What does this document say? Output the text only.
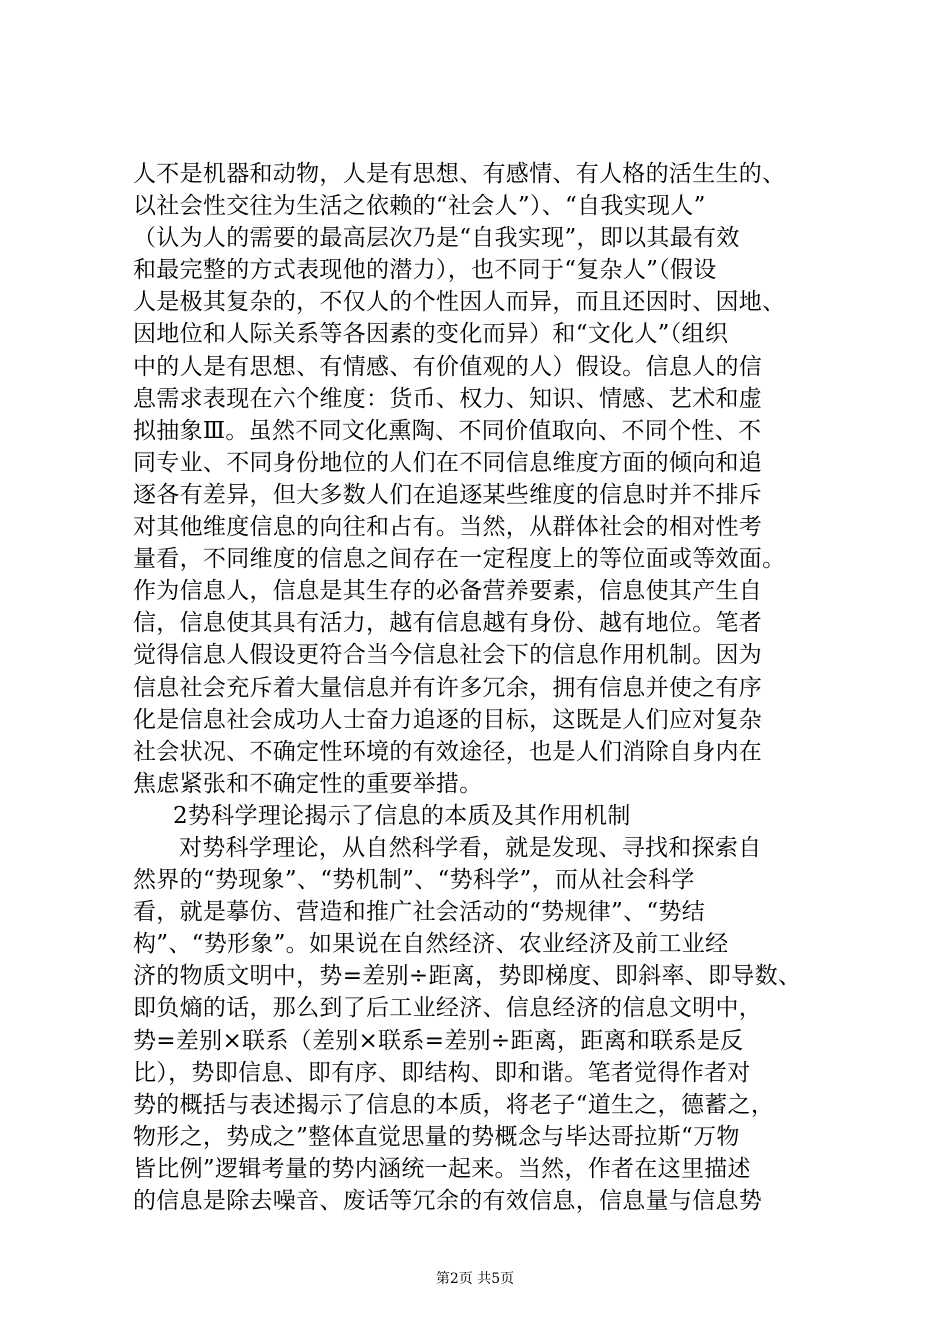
人不是机器和动物，人是有思想、有感情、有人格的活生生的、
以社会性交往为生活之依赖的“社会人”）、“自我实现人”
（认为人的需要的最高层次乃是“自我实现”，即以其最有效
和最完整的方式表现他的潜力），也不同于“复杂人”（假设
人是极其复杂的，不仅人的个性因人而异，而且还因时、因地、
因地位和人际关系等各因素的变化而异）和“文化人”（组织
中的人是有思想、有情感、有价值观的人）假设。信息人的信
息需求表现在六个维度：货币、权力、知识、情感、艺术和虚
拟抽象Ⅲ。虽然不同文化熏陶、不同价值取向、不同个性、不
同专业、不同身份地位的人们在不同信息维度方面的倾向和追
逐各有差异，但大多数人们在追逐某些维度的信息时并不排斥
对其他维度信息的向往和占有。当然，从群体社会的相对性考
量看，不同维度的信息之间存在一定程度上的等位面或等效面。
作为信息人，信息是其生存的必备营养要素，信息使其产生自
信，信息使其具有活力，越有信息越有身份、越有地位。笔者
觉得信息人假设更符合当今信息社会下的信息作用机制。因为
信息社会充斥着大量信息并有许多冗余，拥有信息并使之有序
化是信息社会成功人士奋力追逐的目标，这既是人们应对复杂
社会状况、不确定性环境的有效途径，也是人们消除自身内在
焦虑紧张和不确定性的重要举措。
2势科学理论揭示了信息的本质及其作用机制
对势科学理论，从自然科学看，就是发现、寻找和探索自
然界的“势现象”、“势机制”、“势科学”，而从社会科学
看，就是摹仿、营造和推广社会活动的“势规律”、“势结
构”、“势形象”。如果说在自然经济、农业经济及前工业经
济的物质文明中，势=差别÷距离，势即梯度、即斜率、即导数、
即负熵的话，那么到了后工业经济、信息经济的信息文明中，
势=差别×联系（差别×联系=差别÷距离，距离和联系是反
比），势即信息、即有序、即结构、即和谐。笔者觉得作者对
势的概括与表述揭示了信息的本质，将老子“道生之，德蓄之，
物形之，势成之”整体直觉思量的势概念与毕达哥拉斯“万物
皆比例”逻辑考量的势内涵统一起来。当然，作者在这里描述
的信息是除去噪音、废话等冗余的有效信息，信息量与信息势
第2页 共5页
